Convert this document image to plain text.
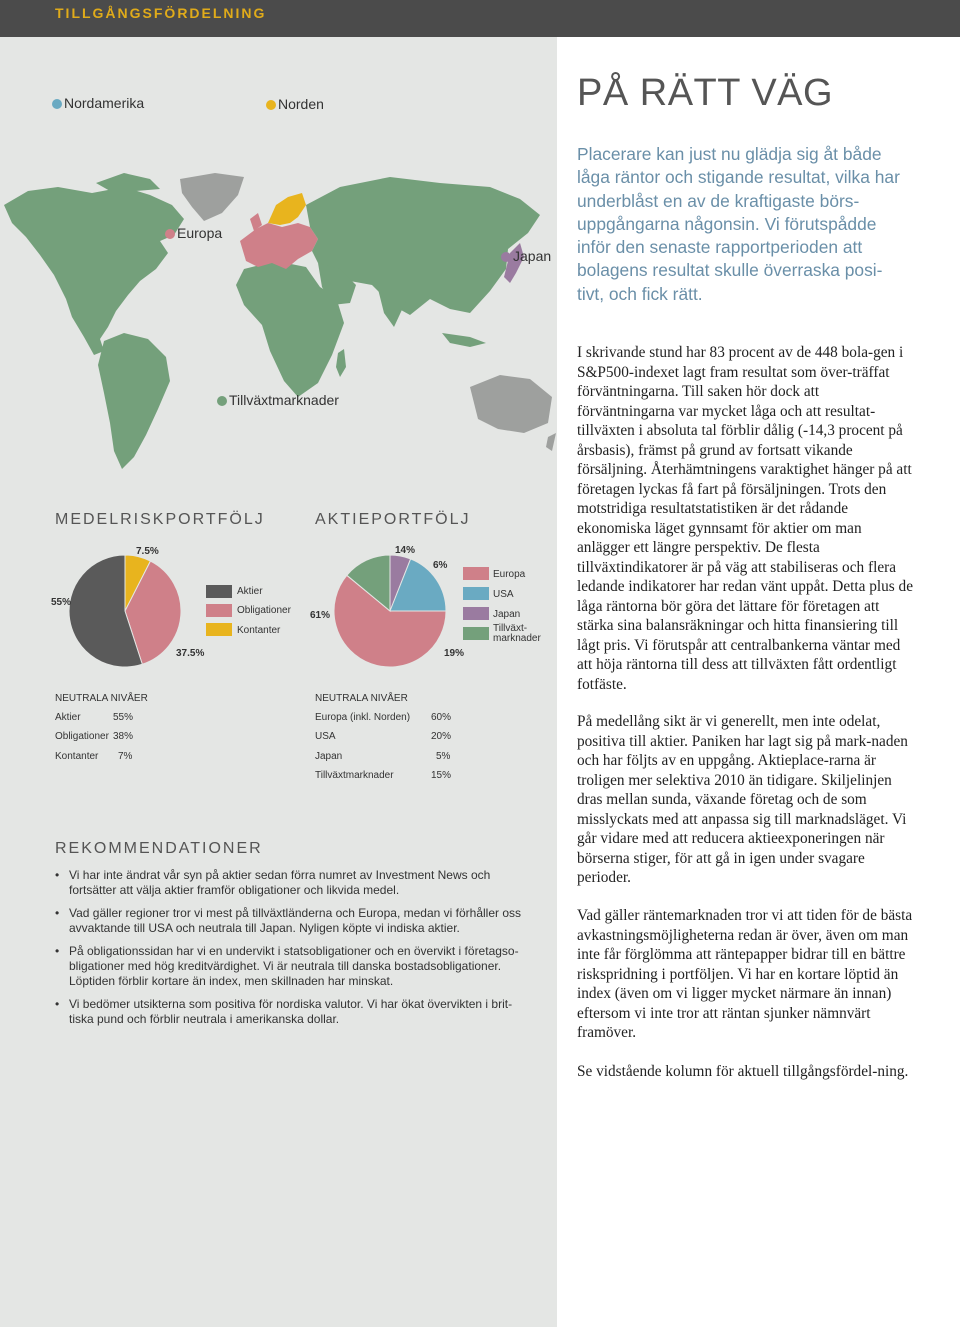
TILLGÅNGSFÖRDELNING
Nordamerika	Norden
Europa
Japan
Tillväxtmarknader
PÅ RÄTT VÄG
Placerare kan just nu glädja sig åt både låga räntor och stigande resultat, vilka har underblåst en av de kraftigaste börs-uppgångarna någonsin. Vi förutspådde inför den senaste rapportperioden att bolagens resultat skulle överraska posi-tivt, och fick rätt.
I skrivande stund har 83 procent av de 448 bola-gen i S&P500-indexet lagt fram resultat som över-träffat förväntningarna. Till saken hör dock att förväntningarna var mycket låga och att resultat-tillväxten i absoluta tal förblir dålig (-14,3 procent på årsbasis), främst på grund av fortsatt vikande försäljning. Återhämtningens varaktighet hänger på att företagen lyckas få fart på försäljningen. Trots den motstridiga resultatstatistiken är det rådande ekonomiska läget gynnsamt för aktier om man anlägger ett längre perspektiv. De flesta tillväxtindikatorer är på väg att stabiliseras och flera ledande indikatorer har redan vänt uppåt. Detta plus de låga räntorna bör göra det lättare för företagen att stärka sina balansräkningar och hitta finansiering till lågt pris. Vi förutspår att centralbankerna väntar med att höja räntorna till dess att tillväxten fått ordentligt fotfäste.
På medellång sikt är vi generellt, men inte odelat, positiva till aktier. Paniken har lagt sig på mark-naden och har följts av en uppgång. Aktieplace-rarna är troligen mer selektiva 2010 än tidigare. Skiljelinjen dras mellan sunda, växande företag och de som misslyckats med att anpassa sig till marknadsläget. Vi går vidare med att reducera aktieexponeringen när börserna stiger, för att gå in igen under svagare perioder.
Vad gäller räntemarknaden tror vi att tiden för de bästa avkastningsmöjligheterna redan är över, även om man inte får förglömma att räntepapper bidrar till en bättre riskspridning i portföljen. Vi har en kortare löptid än index (även om vi ligger mycket närmare än innan) eftersom vi inte tror att räntan sjunker nämnvärt framöver.
Se vidstående kolumn för aktuell tillgångsfördel-ning.
MEDELRISKPORTFÖLJ	AKTIEPORTFÖLJ
55%
37.5%
7.5%
Aktier
Obligationer
Kontanter
61%
19%
6%
14%
Europa
USA
Japan
Tillväxt-marknader
NEUTRALA NIVÅER	NEUTRALA NIVÅER
Aktier	55%
Obligationer 38%
Kontanter 7%
Europa (inkl. Norden) 60%
USA	20%
Japan	5%
Tillväxtmarknader	15%
REKOMMENDATIONER
• Vi har inte ändrat vår syn på aktier sedan förra numret av Investment News och fortsätter att välja aktier framför obligationer och likvida medel.
• Vad gäller regioner tror vi mest på tillväxtländerna och Europa, medan vi förhåller oss avvaktande till USA och neutrala till Japan. Nyligen köpte vi indiska aktier.
• På obligationssidan har vi en undervikt i statsobligationer och en övervikt i företagso-bligationer med hög kreditvärdighet. Vi är neutrala till danska bostadsobligationer. Löptiden förblir kortare än index, men skillnaden har minskat.
• Vi bedömer utsikterna som positiva för nordiska valutor. Vi har ökat övervikten i brit-tiska pund och förblir neutrala i amerikanska dollar.
